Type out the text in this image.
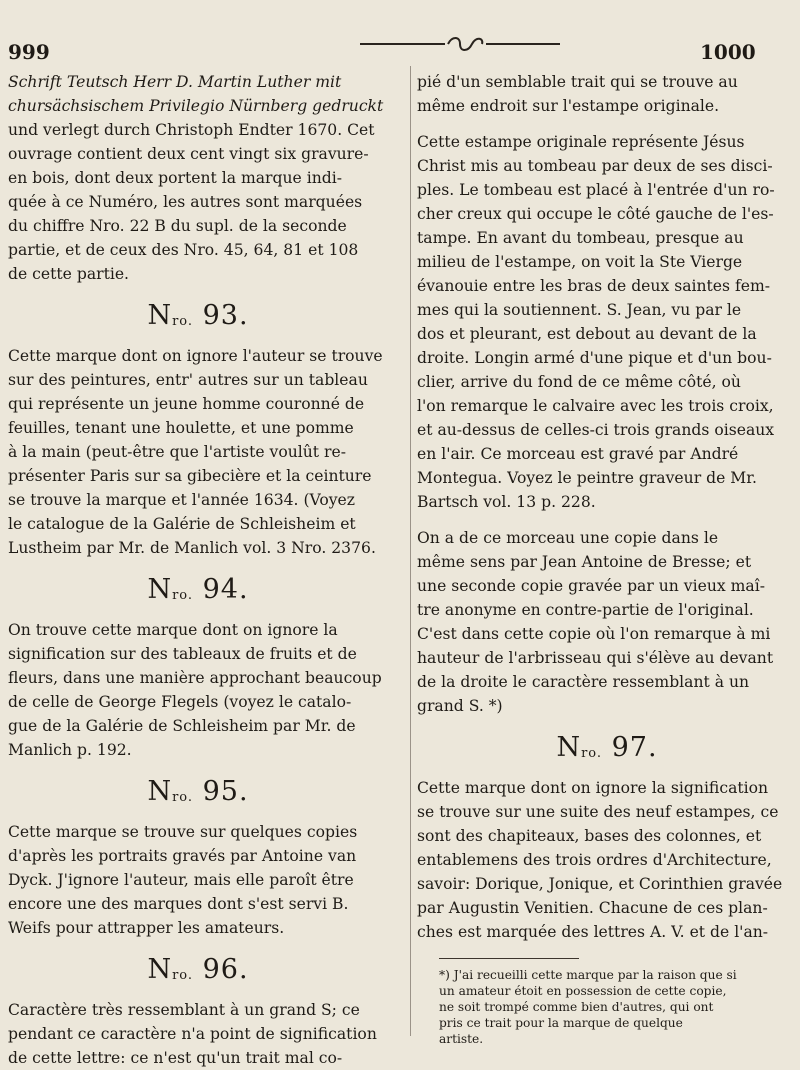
999	1000

Schrift Teutsch Herr D. Martin Luther mit
chursächsischem Privilegio Nürnberg gedruckt
und verlegt durch Christoph Endter 1670. Cet
ouvrage contient deux cent vingt six gravure-
en bois, dont deux portent la marque indi-
quée à ce Numéro, les autres sont marquées
du chiffre Nro. 22 B du supl. de la seconde
partie, et de ceux des Nro. 45, 64, 81 et 108
de cette partie.

$N^{ro.}$ 93.

Cette marque dont on ignore l'auteur se trouve
sur des peintures, entr' autres sur un tableau
qui représente un jeune homme couronné de
feuilles, tenant une houlette, et une pomme
à la main (peut-être que l'artiste voulût re-
présenter Paris sur sa gibecière et la ceinture
se trouve la marque et l'année 1634. (Voyez
le catalogue de la Galérie de Schleisheim et
Lustheim par Mr. de Manlich vol. 3 Nro. 2376.

$N^{ro.}$ 94.

On trouve cette marque dont on ignore la
signification sur des tableaux de fruits et de
fleurs, dans une manière approchant beaucoup
de celle de George Flegels (voyez le catalo-
gue de la Galérie de Schleisheim par Mr. de
Manlich p. 192.

$N^{ro.}$ 95.

Cette marque se trouve sur quelques copies
d'après les portraits gravés par Antoine van
Dyck. J'ignore l'auteur, mais elle paroît être
encore une des marques dont s'est servi B.
Weifs pour attrapper les amateurs.

$N^{ro.}$ 96.

Caractère très ressemblant à un grand S; ce
pendant ce caractère n'a point de signification
de cette lettre: ce n'est qu'un trait mal co-

pié d'un semblable trait qui se trouve au
même endroit sur l'estampe originale.

Cette estampe originale représente Jésus
Christ mis au tombeau par deux de ses disci-
ples. Le tombeau est placé à l'entrée d'un ro-
cher creux qui occupe le côté gauche de l'es-
tampe. En avant du tombeau, presque au
milieu de l'estampe, on voit la Ste Vierge
évanouie entre les bras de deux saintes fem-
mes qui la soutiennent. S. Jean, vu par le
dos et pleurant, est debout au devant de la
droite. Longin armé d'une pique et d'un bou-
clier, arrive du fond de ce même côté, où
l'on remarque le calvaire avec les trois croix,
et au-dessus de celles-ci trois grands oiseaux
en l'air. Ce morceau est gravé par André
Montegua. Voyez le peintre graveur de Mr.
Bartsch vol. 13 p. 228.

On a de ce morceau une copie dans le
même sens par Jean Antoine de Bresse; et
une seconde copie gravée par un vieux maî-
tre anonyme en contre-partie de l'original.
C'est dans cette copie où l'on remarque à mi
hauteur de l'arbrisseau qui s'élève au devant
de la droite le caractère ressemblant à un
grand S. *)

$N^{ro.}$ 97.

Cette marque dont on ignore la signification
se trouve sur une suite des neuf estampes, ce
sont des chapiteaux, bases des colonnes, et
entablemens des trois ordres d'Architecture,
savoir: Dorique, Jonique, et Corinthien gravée
par Augustin Venitien. Chacune de ces plan-
ches est marquée des lettres A. V. et de l'an-

*) J'ai recueilli cette marque par la raison que si
un amateur étoit en possession de cette copie,
ne soit trompé comme bien d'autres, qui ont
pris ce trait pour la marque de quelque
artiste.
